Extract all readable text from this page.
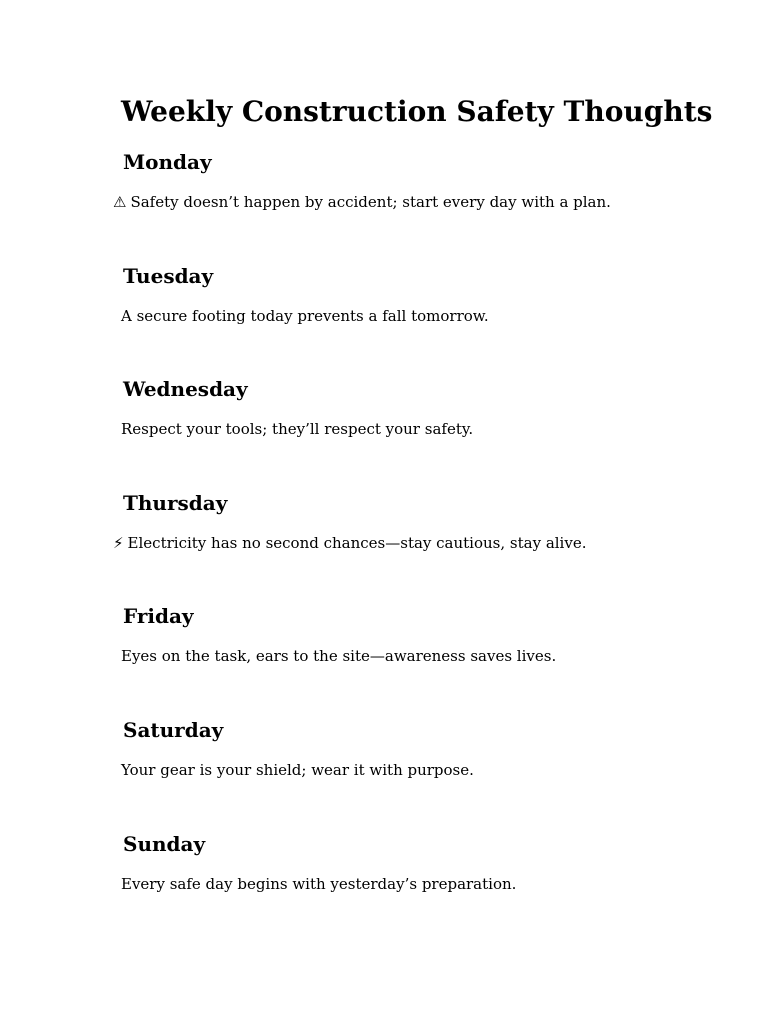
Weekly Construction Safety Thoughts
Monday

⚠ Safety doesn’t happen by accident; start every day with a plan.

Tuesday

A secure footing today prevents a fall tomorrow.

Wednesday

Respect your tools; they’ll respect your safety.

Thursday

⚡ Electricity has no second chances—stay cautious, stay alive.

Friday

Eyes on the task, ears to the site—awareness saves lives.

Saturday

Your gear is your shield; wear it with purpose.

Sunday

Every safe day begins with yesterday’s preparation.
